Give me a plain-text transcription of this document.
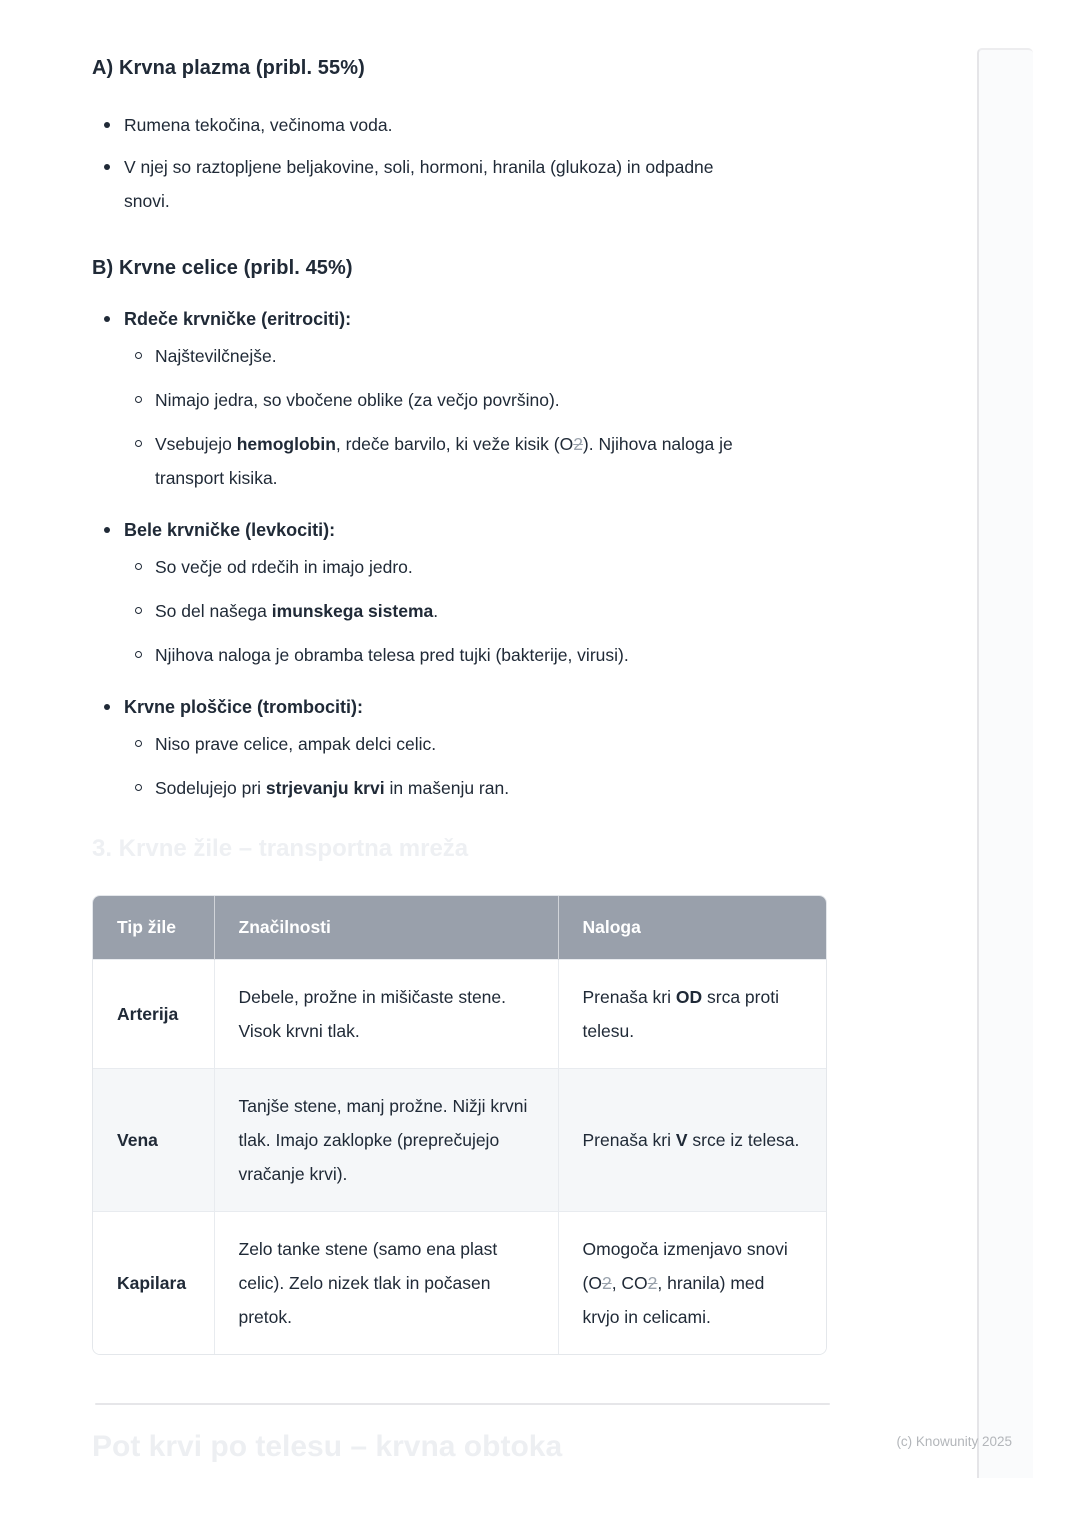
A) Krvna plazma (pribl. 55%)
Rumena tekočina, večinoma voda.
V njej so raztopljene beljakovine, soli, hormoni, hranila (glukoza) in odpadne snovi.
B) Krvne celice (pribl. 45%)
Rdeče krvničke (eritrociti):
Najštevilčnejše.
Nimajo jedra, so vbočene oblike (za večjo površino).
Vsebujejo hemoglobin, rdeče barvilo, ki veže kisik (O2). Njihova naloga je transport kisika.
Bele krvničke (levkociti):
So večje od rdečih in imajo jedro.
So del našega imunskega sistema.
Njihova naloga je obramba telesa pred tujki (bakterije, virusi).
Krvne ploščice (trombociti):
Niso prave celice, ampak delci celic.
Sodelujejo pri strjevanju krvi in mašenju ran.
3. Krvne žile – transportna mreža
Tip žile	Značilnosti	Naloga
Arterija	Debele, prožne in mišičaste stene. Visok krvni tlak.	Prenaša kri OD srca proti telesu.
Vena	Tanjše stene, manj prožne. Nižji krvni tlak. Imajo zaklopke (preprečujejo vračanje krvi).	Prenaša kri V srce iz telesa.
Kapilara	Zelo tanke stene (samo ena plast celic). Zelo nizek tlak in počasen pretok.	Omogoča izmenjavo snovi (O2, CO2, hranila) med krvjo in celicami.
Pot krvi po telesu – krvna obtoka	(c) Knowunity 2025
